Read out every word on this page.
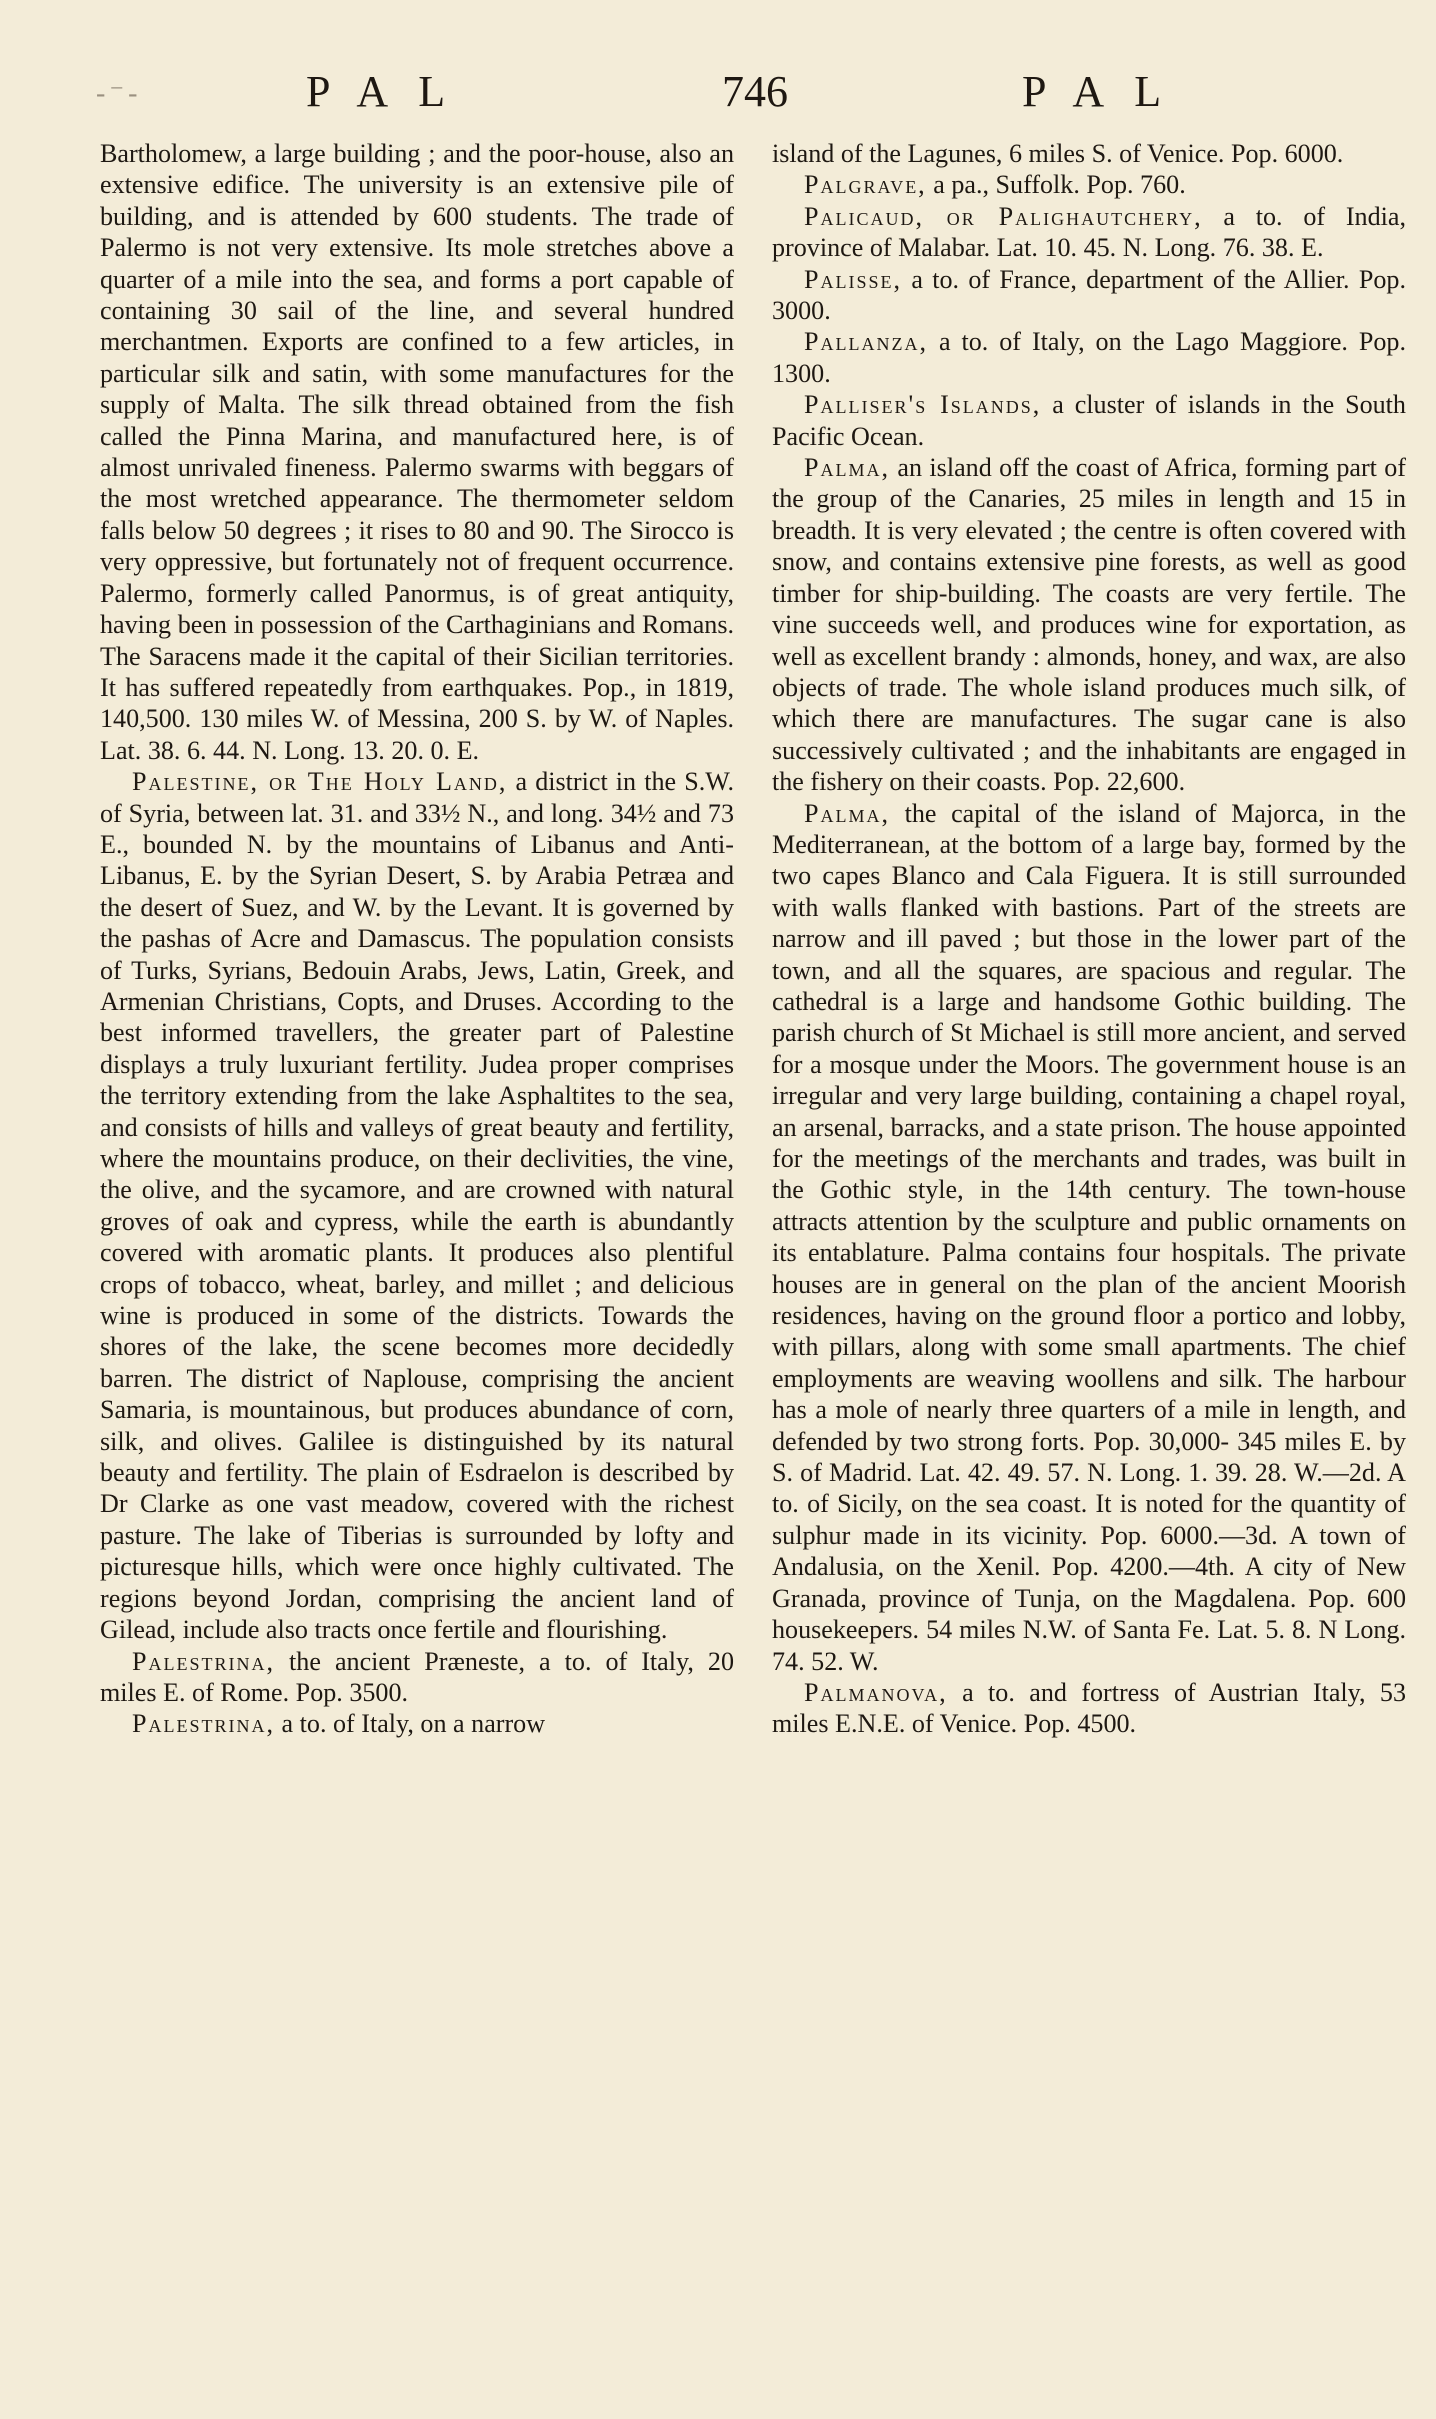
-⁻-	PAL	746	PAL

Bartholomew, a large building ; and the poor-house, also an extensive edifice. The university is an extensive pile of building, and is attended by 600 students. The trade of Palermo is not very extensive. Its mole stretches above a quarter of a mile into the sea, and forms a port capable of containing 30 sail of the line, and several hundred merchantmen. Exports are confined to a few articles, in particular silk and satin, with some manufactures for the supply of Malta. The silk thread obtained from the fish called the Pinna Marina, and manufactured here, is of almost unrivaled fineness. Palermo swarms with beggars of the most wretched appearance. The thermometer seldom falls below 50 degrees ; it rises to 80 and 90. The Sirocco is very oppressive, but fortunately not of frequent occurrence. Palermo, formerly called Panormus, is of great antiquity, having been in possession of the Carthaginians and Romans. The Saracens made it the capital of their Sicilian territories. It has suffered repeatedly from earthquakes. Pop., in 1819, 140,500. 130 miles W. of Messina, 200 S. by W. of Naples. Lat. 38. 6. 44. N. Long. 13. 20. 0. E.

Palestine, or The Holy Land, a district in the S.W. of Syria, between lat. 31. and 33½ N., and long. 34½ and 73 E., bounded N. by the mountains of Libanus and Anti-Libanus, E. by the Syrian Desert, S. by Arabia Petræa and the desert of Suez, and W. by the Levant. It is governed by the pashas of Acre and Damascus. The population consists of Turks, Syrians, Bedouin Arabs, Jews, Latin, Greek, and Armenian Christians, Copts, and Druses. According to the best informed travellers, the greater part of Palestine displays a truly luxuriant fertility. Judea proper comprises the territory extending from the lake Asphaltites to the sea, and consists of hills and valleys of great beauty and fertility, where the mountains produce, on their declivities, the vine, the olive, and the sycamore, and are crowned with natural groves of oak and cypress, while the earth is abundantly covered with aromatic plants. It produces also plentiful crops of tobacco, wheat, barley, and millet ; and delicious wine is produced in some of the districts. Towards the shores of the lake, the scene becomes more decidedly barren. The district of Naplouse, comprising the ancient Samaria, is mountainous, but produces abundance of corn, silk, and olives. Galilee is distinguished by its natural beauty and fertility. The plain of Esdraelon is described by Dr Clarke as one vast meadow, covered with the richest pasture. The lake of Tiberias is surrounded by lofty and picturesque hills, which were once highly cultivated. The regions beyond Jordan, comprising the ancient land of Gilead, include also tracts once fertile and flourishing.

Palestrina, the ancient Præneste, a to. of Italy, 20 miles E. of Rome. Pop. 3500.

Palestrina, a to. of Italy, on a narrow

island of the Lagunes, 6 miles S. of Venice. Pop. 6000.

Palgrave, a pa., Suffolk. Pop. 760.

Palicaud, or Palighautchery, a to. of India, province of Malabar. Lat. 10. 45. N. Long. 76. 38. E.

Palisse, a to. of France, department of the Allier. Pop. 3000.

Pallanza, a to. of Italy, on the Lago Maggiore. Pop. 1300.

Palliser's Islands, a cluster of islands in the South Pacific Ocean.

Palma, an island off the coast of Africa, forming part of the group of the Canaries, 25 miles in length and 15 in breadth. It is very elevated ; the centre is often covered with snow, and contains extensive pine forests, as well as good timber for ship-building. The coasts are very fertile. The vine succeeds well, and produces wine for exportation, as well as excellent brandy : almonds, honey, and wax, are also objects of trade. The whole island produces much silk, of which there are manufactures. The sugar cane is also successively cultivated ; and the inhabitants are engaged in the fishery on their coasts. Pop. 22,600.

Palma, the capital of the island of Majorca, in the Mediterranean, at the bottom of a large bay, formed by the two capes Blanco and Cala Figuera. It is still surrounded with walls flanked with bastions. Part of the streets are narrow and ill paved ; but those in the lower part of the town, and all the squares, are spacious and regular. The cathedral is a large and handsome Gothic building. The parish church of St Michael is still more ancient, and served for a mosque under the Moors. The government house is an irregular and very large building, containing a chapel royal, an arsenal, barracks, and a state prison. The house appointed for the meetings of the merchants and trades, was built in the Gothic style, in the 14th century. The town-house attracts attention by the sculpture and public ornaments on its entablature. Palma contains four hospitals. The private houses are in general on the plan of the ancient Moorish residences, having on the ground floor a portico and lobby, with pillars, along with some small apartments. The chief employments are weaving woollens and silk. The harbour has a mole of nearly three quarters of a mile in length, and defended by two strong forts. Pop. 30,000- 345 miles E. by S. of Madrid. Lat. 42. 49. 57. N. Long. 1. 39. 28. W.—2d. A to. of Sicily, on the sea coast. It is noted for the quantity of sulphur made in its vicinity. Pop. 6000.—3d. A town of Andalusia, on the Xenil. Pop. 4200.—4th. A city of New Granada, province of Tunja, on the Magdalena. Pop. 600 housekeepers. 54 miles N.W. of Santa Fe. Lat. 5. 8. N Long. 74. 52. W.

Palmanova, a to. and fortress of Austrian Italy, 53 miles E.N.E. of Venice. Pop. 4500.
